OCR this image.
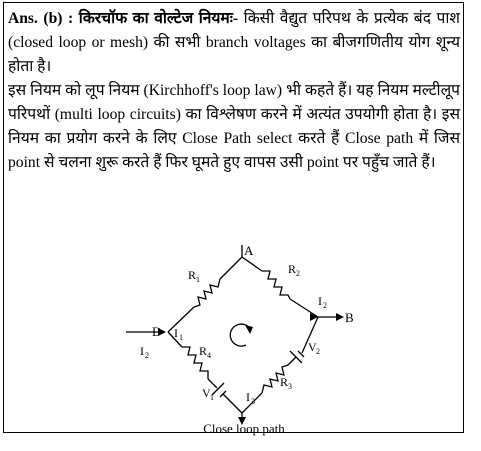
Ans. (b) : किरचॉफ का वोल्टेज नियमः- किसी वैद्युत परिपथ के प्रत्येक बंद पाश (closed loop or mesh) की सभी branch voltages का बीजगणितीय योग शून्य होता है।

इस नियम को लूप नियम (Kirchhoff's loop law) भी कहते हैं। यह नियम मल्टीलूप परिपथों (multi loop circuits) का विश्लेषण करने में अत्यंत उपयोगी होता है। इस नियम का प्रयोग करने के लिए Close Path select करते हैं Close path में जिस point से चलना शुरू करते हैं फिर घूमते हुए वापस उसी point पर पहुँच जाते हैं।

A
B
D
R 1
R 2
R 3
R 4
V 1
V 2
I 1
I 2
I 2
I 3
Close loop path
